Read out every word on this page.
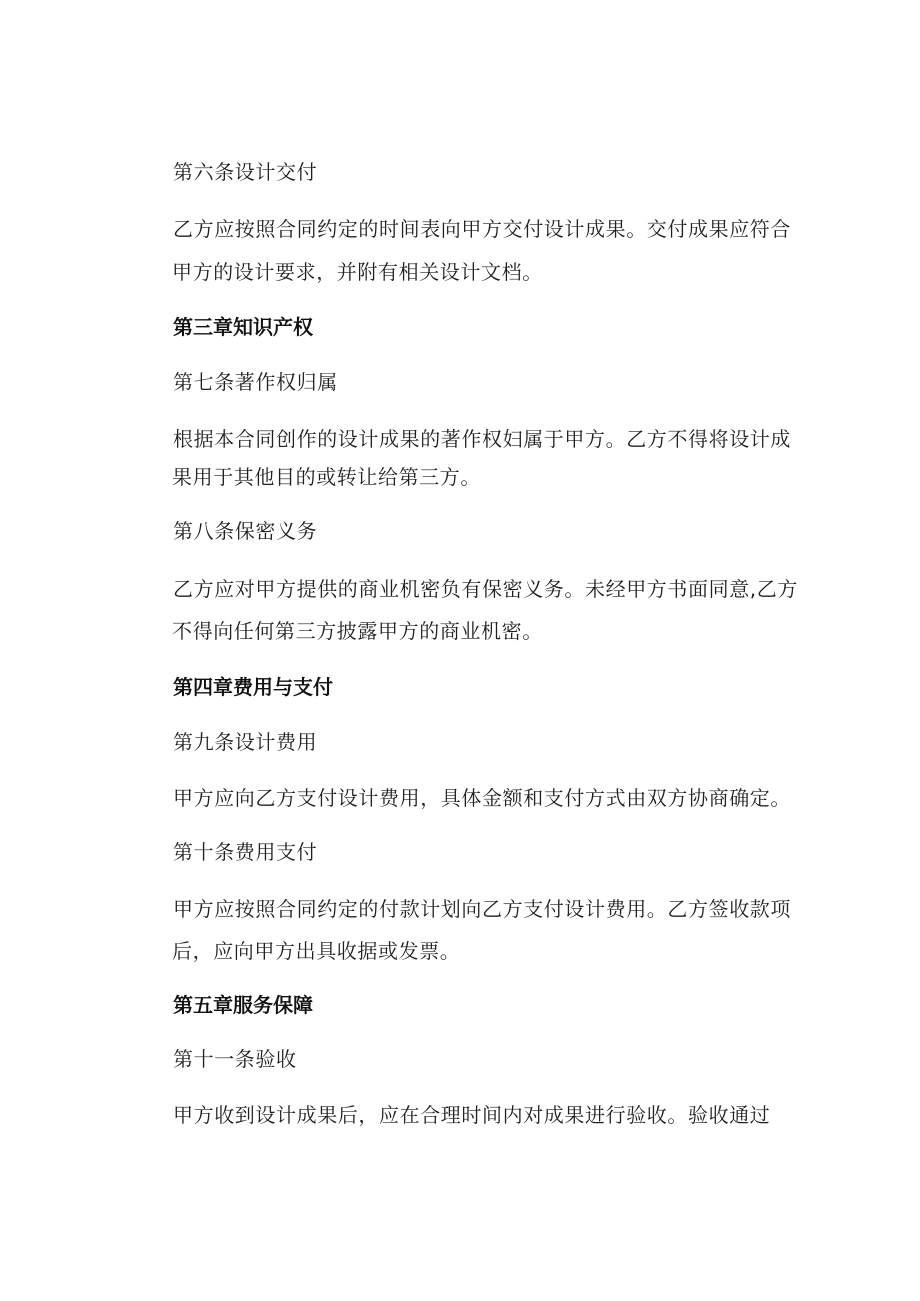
第六条设计交付
乙方应按照合同约定的时间表向甲方交付设计成果。交付成果应符合
甲方的设计要求，并附有相关设计文档。
第三章知识产权
第七条著作权归属
根据本合同创作的设计成果的著作权妇属于甲方。乙方不得将设计成
果用于其他目的或转让给第三方。
第八条保密义务
乙方应对甲方提供的商业机密负有保密义务。未经甲方书面同意,乙方
不得向任何第三方披露甲方的商业机密。
第四章费用与支付
第九条设计费用
甲方应向乙方支付设计费用，具体金额和支付方式由双方协商确定。
第十条费用支付
甲方应按照合同约定的付款计划向乙方支付设计费用。乙方签收款项
后，应向甲方出具收据或发票。
第五章服务保障
第十一条验收
甲方收到设计成果后，应在合理时间内对成果进行验收。验收通过
